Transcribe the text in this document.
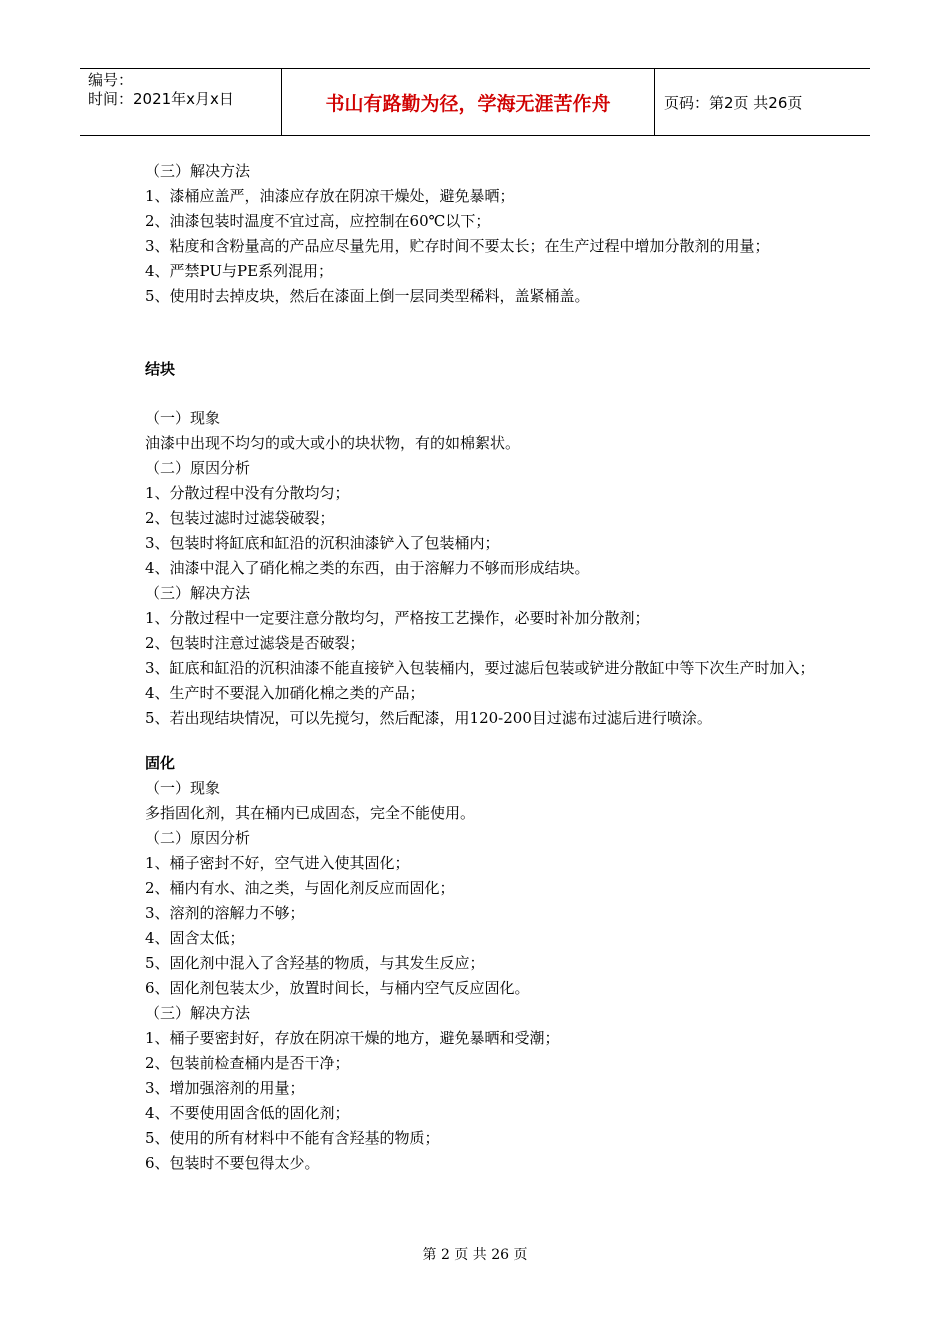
编号：
时间：2021年x月x日	书山有路勤为径，学海无涯苦作舟	页码：第2页 共26页

（三）解决方法

1、漆桶应盖严，油漆应存放在阴凉干燥处，避免暴晒；

2、油漆包装时温度不宜过高，应控制在60℃以下；

3、粘度和含粉量高的产品应尽量先用，贮存时间不要太长；在生产过程中增加分散剂的用量；

4、严禁PU与PE系列混用；

5、使用时去掉皮块，然后在漆面上倒一层同类型稀料，盖紧桶盖。

结块

（一）现象

油漆中出现不均匀的或大或小的块状物，有的如棉絮状。

（二）原因分析

1、分散过程中没有分散均匀；

2、包装过滤时过滤袋破裂；

3、包装时将缸底和缸沿的沉积油漆铲入了包装桶内；

4、油漆中混入了硝化棉之类的东西，由于溶解力不够而形成结块。

（三）解决方法

1、分散过程中一定要注意分散均匀，严格按工艺操作，必要时补加分散剂；

2、包装时注意过滤袋是否破裂；

3、缸底和缸沿的沉积油漆不能直接铲入包装桶内，要过滤后包装或铲进分散缸中等下次生产时加入；

4、生产时不要混入加硝化棉之类的产品；

5、若出现结块情况，可以先搅匀，然后配漆，用120-200目过滤布过滤后进行喷涂。

固化

（一）现象

多指固化剂，其在桶内已成固态，完全不能使用。

（二）原因分析

1、桶子密封不好，空气进入使其固化；

2、桶内有水、油之类，与固化剂反应而固化；

3、溶剂的溶解力不够；

4、固含太低；

5、固化剂中混入了含羟基的物质，与其发生反应；

6、固化剂包装太少，放置时间长，与桶内空气反应固化。

（三）解决方法

1、桶子要密封好，存放在阴凉干燥的地方，避免暴晒和受潮；

2、包装前检查桶内是否干净；

3、增加强溶剂的用量；

4、不要使用固含低的固化剂；

5、使用的所有材料中不能有含羟基的物质；

6、包装时不要包得太少。

第 2 页 共 26 页
